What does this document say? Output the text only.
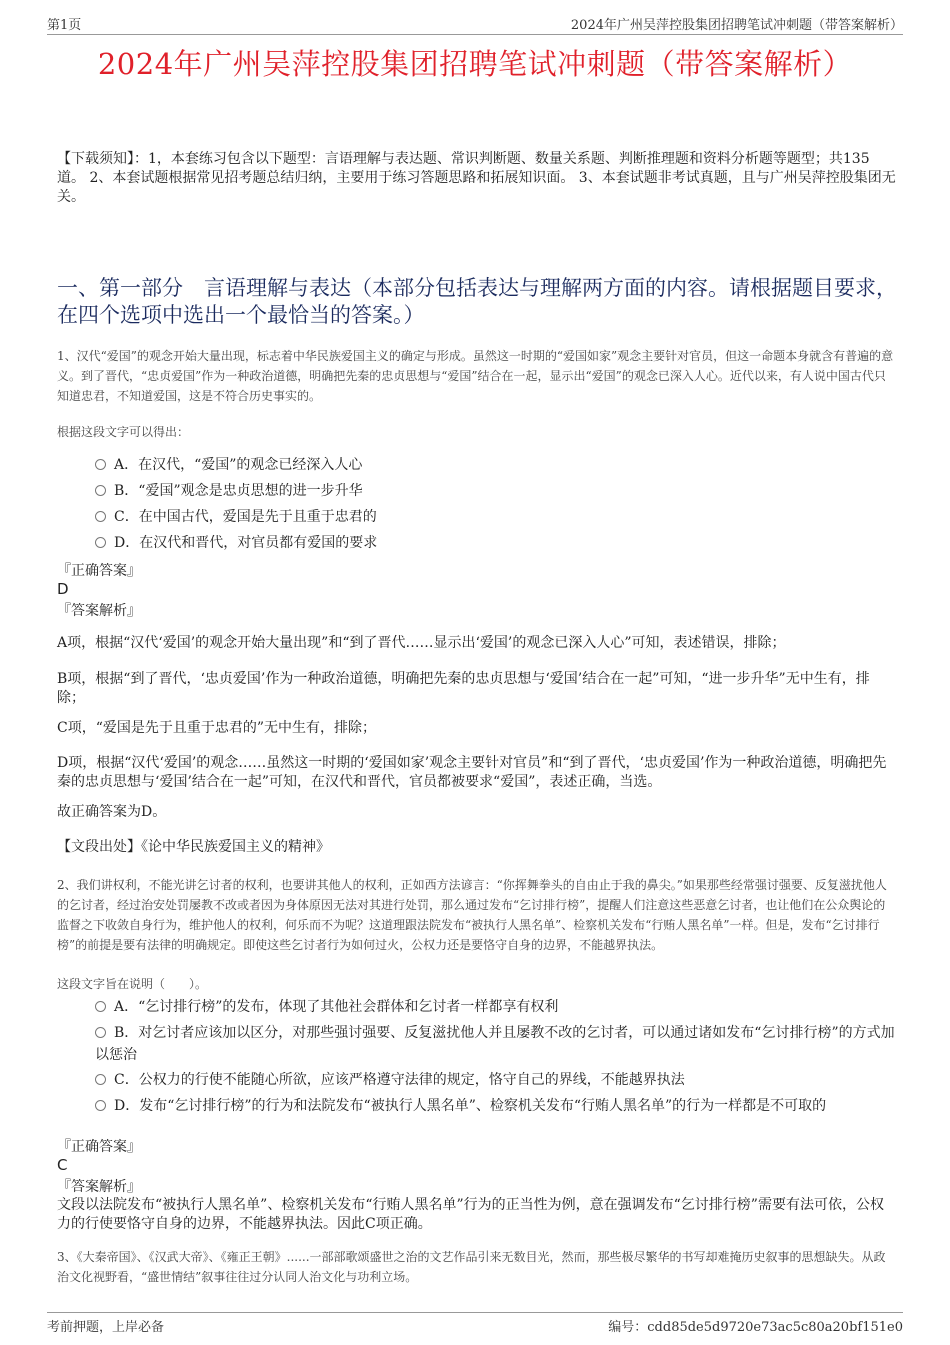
第1页	2024年广州吴萍控股集团招聘笔试冲刺题（带答案解析）
2024年广州吴萍控股集团招聘笔试冲刺题（带答案解析）
【下载须知】：1，本套练习包含以下题型：言语理解与表达题、常识判断题、数量关系题、判断推理题和资料分析题等题型；共135道。 2、本套试题根据常见招考题总结归纳，主要用于练习答题思路和拓展知识面。 3、本套试题非考试真题，且与广州吴萍控股集团无关。
一、第一部分　言语理解与表达（本部分包括表达与理解两方面的内容。请根据题目要求，在四个选项中选出一个最恰当的答案。）
1、汉代“爱国”的观念开始大量出现，标志着中华民族爱国主义的确定与形成。虽然这一时期的“爱国如家”观念主要针对官员，但这一命题本身就含有普遍的意义。到了晋代，“忠贞爱国”作为一种政治道德，明确把先秦的忠贞思想与“爱国”结合在一起，显示出“爱国”的观念已深入人心。近代以来，有人说中国古代只知道忠君，不知道爱国，这是不符合历史事实的。
根据这段文字可以得出：
A．在汉代，“爱国”的观念已经深入人心
B．“爱国”观念是忠贞思想的进一步升华
C．在中国古代，爱国是先于且重于忠君的
D．在汉代和晋代，对官员都有爱国的要求
『正确答案』
D
『答案解析』
A项，根据“汉代‘爱国’的观念开始大量出现”和“到了晋代……显示出‘爱国’的观念已深入人心”可知，表述错误，排除；
B项，根据“到了晋代，‘忠贞爱国’作为一种政治道德，明确把先秦的忠贞思想与‘爱国’结合在一起”可知，“进一步升华”无中生有，排除；
C项，“爱国是先于且重于忠君的”无中生有，排除；
D项，根据“汉代‘爱国’的观念……虽然这一时期的‘爱国如家’观念主要针对官员”和“到了晋代，‘忠贞爱国’作为一种政治道德，明确把先秦的忠贞思想与‘爱国’结合在一起”可知，在汉代和晋代，官员都被要求“爱国”，表述正确，当选。
故正确答案为D。
【文段出处】《论中华民族爱国主义的精神》
2、我们讲权利，不能光讲乞讨者的权利，也要讲其他人的权利，正如西方法谚言：“你挥舞拳头的自由止于我的鼻尖。”如果那些经常强讨强要、反复滋扰他人的乞讨者，经过治安处罚屡教不改或者因为身体原因无法对其进行处罚，那么通过发布“乞讨排行榜”，提醒人们注意这些恶意乞讨者，也让他们在公众舆论的监督之下收敛自身行为，维护他人的权利，何乐而不为呢？这道理跟法院发布“被执行人黑名单”、检察机关发布“行贿人黑名单”一样。但是，发布“乞讨排行榜”的前提是要有法律的明确规定。即使这些乞讨者行为如何过火，公权力还是要恪守自身的边界，不能越界执法。
这段文字旨在说明（　　）。
A．“乞讨排行榜”的发布，体现了其他社会群体和乞讨者一样都享有权利
B．对乞讨者应该加以区分，对那些强讨强要、反复滋扰他人并且屡教不改的乞讨者，可以通过诸如发布“乞讨排行榜”的方式加以惩治
C．公权力的行使不能随心所欲，应该严格遵守法律的规定，恪守自己的界线，不能越界执法
D．发布“乞讨排行榜”的行为和法院发布“被执行人黑名单”、检察机关发布“行贿人黑名单”的行为一样都是不可取的
『正确答案』
C
『答案解析』
文段以法院发布“被执行人黑名单”、检察机关发布“行贿人黑名单”行为的正当性为例，意在强调发布“乞讨排行榜”需要有法可依，公权力的行使要恪守自身的边界，不能越界执法。因此C项正确。
3、《大秦帝国》、《汉武大帝》、《雍正王朝》......一部部歌颂盛世之治的文艺作品引来无数目光，然而，那些极尽繁华的书写却难掩历史叙事的思想缺失。从政治文化视野看，“盛世情结”叙事往往过分认同人治文化与功利立场。
考前押题，上岸必备	编号：cdd85de5d9720e73ac5c80a20bf151e0
